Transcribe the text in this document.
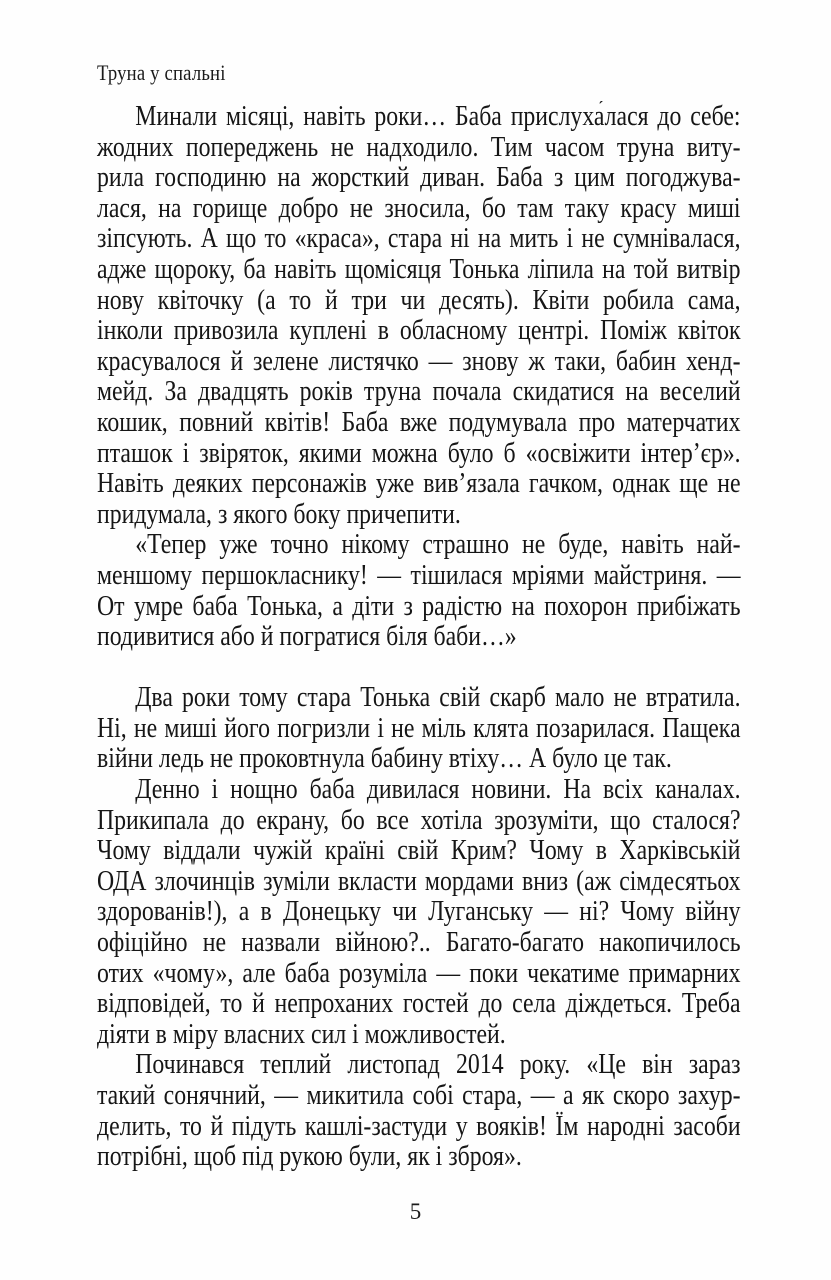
Труна у спальні
Минали місяці, навіть роки… Баба прислуха́лася до себе:
жодних попереджень не надходило. Тим часом труна виту-
рила господиню на жорсткий диван. Баба з цим погоджува-
лася, на горище добро не зносила, бо там таку красу миші
зіпсують. А що то «краса», стара ні на мить і не сумнівалася,
адже щороку, ба навіть щомісяця Тонька ліпила на той витвір
нову квіточку (а то й три чи десять). Квіти робила сама,
інколи привозила куплені в обласному центрі. Поміж квіток
красувалося й зелене листячко — знову ж таки, бабин хенд-
мейд. За двадцять років труна почала скидатися на веселий
кошик, повний квітів! Баба вже подумувала про матерчатих
пташок і звіряток, якими можна було б «освіжити інтер’єр».
Навіть деяких персонажів уже вив’язала гачком, однак ще не
придумала, з якого боку причепити.
«Тепер уже точно нікому страшно не буде, навіть най-
меншому першокласнику! — тішилася мріями майстриня. —
От умре баба Тонька, а діти з радістю на похорон прибіжать
подивитися або й погратися біля баби…»
Два роки тому стара Тонька свій скарб мало не втратила.
Ні, не миші його погризли і не міль клята позарилася. Пащека
війни ледь не проковтнула бабину втіху… А було це так.
Денно і нощно баба дивилася новини. На всіх каналах.
Прикипала до екрану, бо все хотіла зрозуміти, що сталося?
Чому віддали чужій країні свій Крим? Чому в Харківській
ОДА злочинців зуміли вкласти мордами вниз (аж сімдесятьох
здорованів!), а в Донецьку чи Луганську — ні? Чому війну
офіційно не назвали війною?.. Багато-багато накопичилось
отих «чому», але баба розуміла — поки чекатиме примарних
відповідей, то й непроханих гостей до села діждеться. Треба
діяти в міру власних сил і можливостей.
Починався теплий листопад 2014 року. «Це він зараз
такий сонячний, — микитила собі стара, — а як скоро захур-
делить, то й підуть кашлі-застуди у вояків! Їм народні засоби
потрібні, щоб під рукою були, як і зброя».
5
